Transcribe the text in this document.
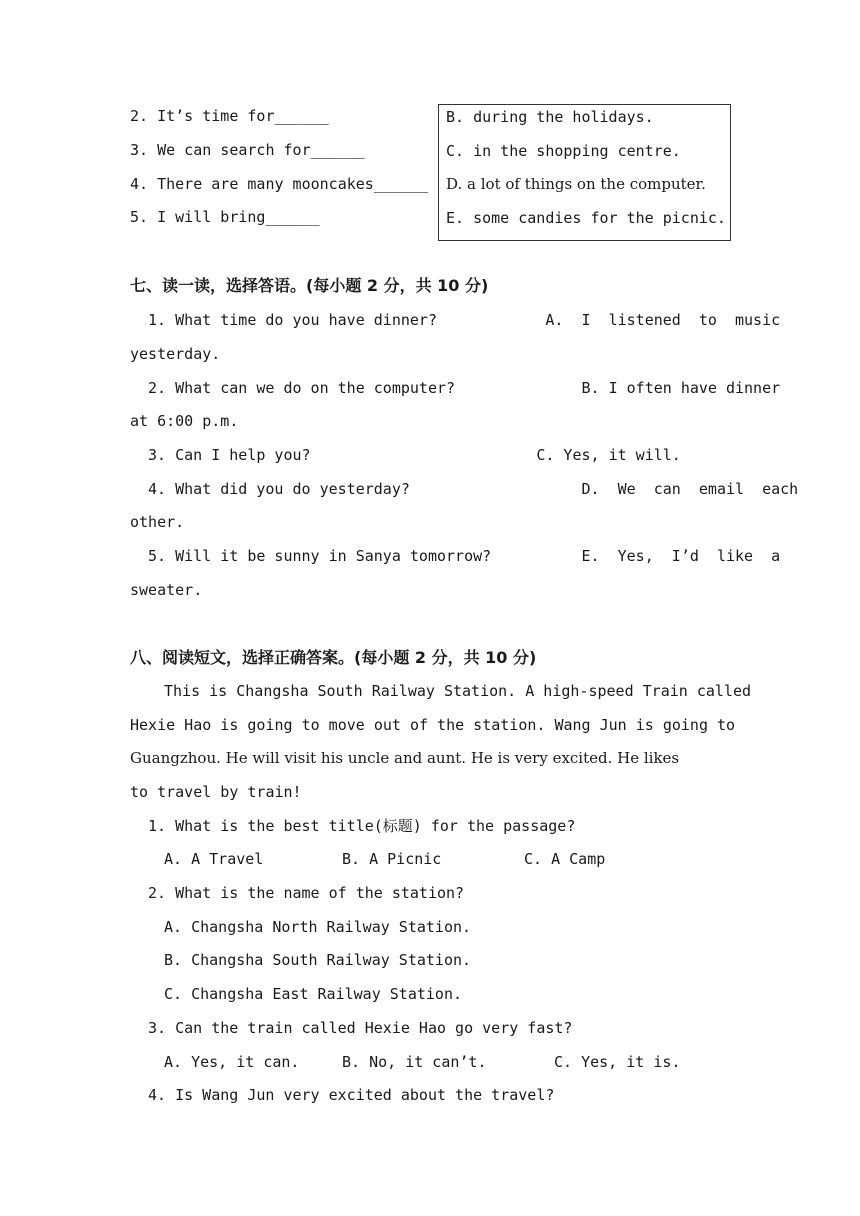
2. It’s time for______
3. We can search for______
4. There are many mooncakes______
5. I will bring______
B. during the holidays.
C. in the shopping centre.
D. a lot of things on the computer.
E. some candies for the picnic.
七、读一读，选择答语。(每小题 2 分，共 10 分)
1. What time do you have dinner?            A.  I  listened  to  music
yesterday.
2. What can we do on the computer?              B. I often have dinner
at 6:00 p.m.
3. Can I help you?                         C. Yes, it will.
4. What did you do yesterday?                   D.  We  can  email  each
other.
5. Will it be sunny in Sanya tomorrow?          E.  Yes,  I’d  like  a
sweater.
八、阅读短文，选择正确答案。(每小题 2 分，共 10 分)
This is Changsha South Railway Station. A high-speed Train called
Hexie Hao is going to move out of the station. Wang Jun is going to
Guangzhou. He will visit his uncle and aunt. He is very excited. He likes
to travel by train!
1. What is the best title(标题) for the passage?
A. A Travel	B. A Picnic	C. A Camp
2. What is the name of the station?
A. Changsha North Railway Station.
B. Changsha South Railway Station.
C. Changsha East Railway Station.
3. Can the train called Hexie Hao go very fast?
A. Yes, it can.	B. No, it can’t.	C. Yes, it is.
4. Is Wang Jun very excited about the travel?
